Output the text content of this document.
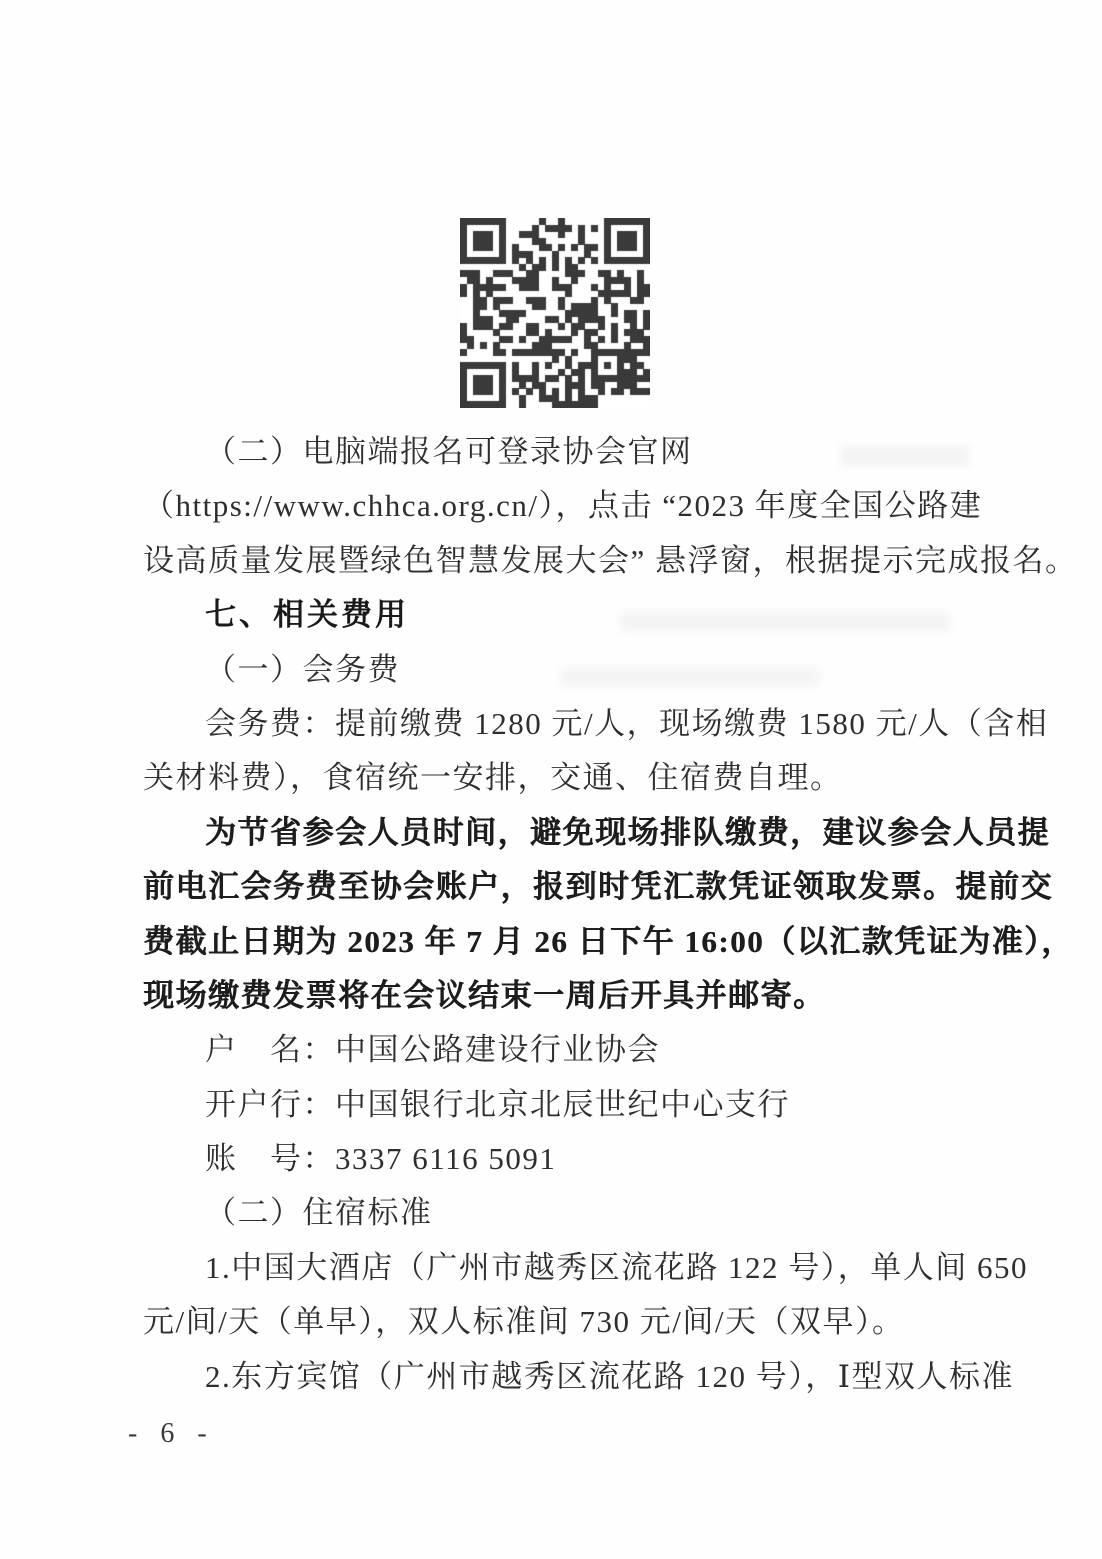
（二）电脑端报名可登录协会官网
（https://www.chhca.org.cn/），点击 “2023 年度全国公路建
设高质量发展暨绿色智慧发展大会” 悬浮窗，根据提示完成报名。
七、相关费用
（一）会务费
会务费：提前缴费 1280 元/人，现场缴费 1580 元/人（含相
关材料费），食宿统一安排，交通、住宿费自理。
为节省参会人员时间，避免现场排队缴费，建议参会人员提
前电汇会务费至协会账户，报到时凭汇款凭证领取发票。提前交
费截止日期为 2023 年 7 月 26 日下午 16:00（以汇款凭证为准），
现场缴费发票将在会议结束一周后开具并邮寄。
户　名：中国公路建设行业协会
开户行：中国银行北京北辰世纪中心支行
账　号：3337 6116 5091
（二）住宿标准
1.中国大酒店（广州市越秀区流花路 122 号），单人间 650
元/间/天（单早），双人标准间 730 元/间/天（双早）。
2.东方宾馆（广州市越秀区流花路 120 号），Ⅰ型双人标准
- 6 -
